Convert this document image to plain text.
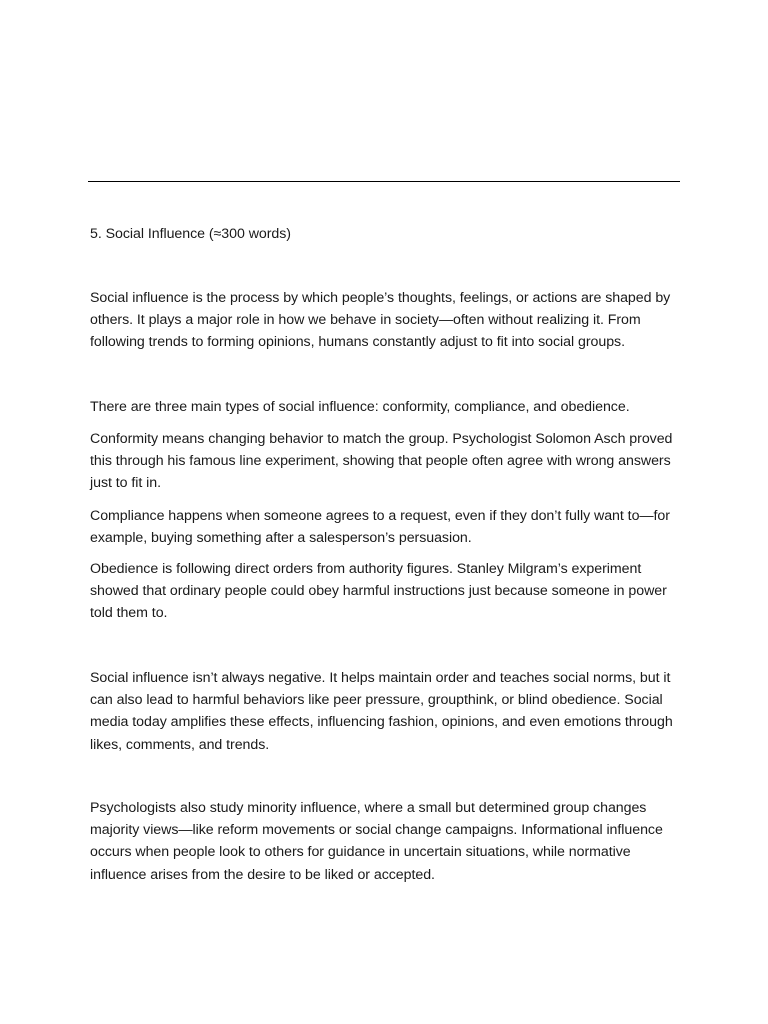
5. Social Influence (≈300 words)

Social influence is the process by which people’s thoughts, feelings, or actions are shaped by others. It plays a major role in how we behave in society—often without realizing it. From following trends to forming opinions, humans constantly adjust to fit into social groups.

There are three main types of social influence: conformity, compliance, and obedience.

Conformity means changing behavior to match the group. Psychologist Solomon Asch proved this through his famous line experiment, showing that people often agree with wrong answers just to fit in.

Compliance happens when someone agrees to a request, even if they don’t fully want to—for example, buying something after a salesperson’s persuasion.

Obedience is following direct orders from authority figures. Stanley Milgram’s experiment showed that ordinary people could obey harmful instructions just because someone in power told them to.

Social influence isn’t always negative. It helps maintain order and teaches social norms, but it can also lead to harmful behaviors like peer pressure, groupthink, or blind obedience. Social media today amplifies these effects, influencing fashion, opinions, and even emotions through likes, comments, and trends.

Psychologists also study minority influence, where a small but determined group changes majority views—like reform movements or social change campaigns. Informational influence occurs when people look to others for guidance in uncertain situations, while normative influence arises from the desire to be liked or accepted.
